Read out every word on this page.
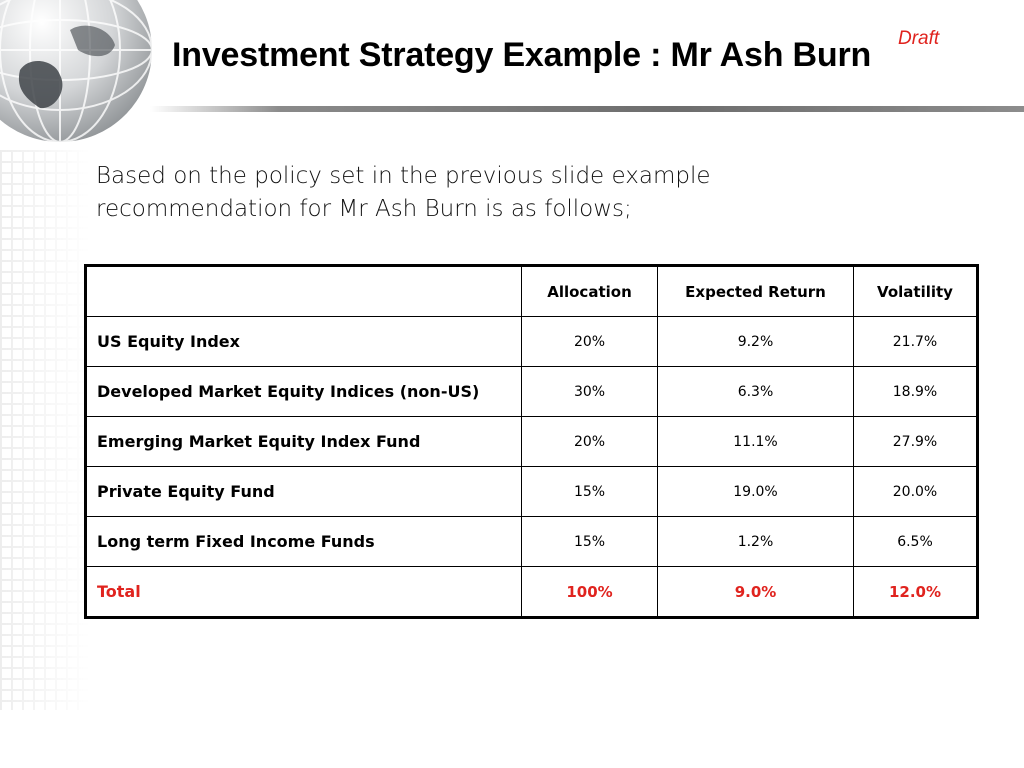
Investment Strategy Example : Mr Ash Burn Draft
Based on the policy set in the previous slide example recommendation for Mr Ash Burn is as follows;
	Allocation	Expected Return	Volatility
US Equity Index	20%	9.2%	21.7%
Developed Market Equity Indices (non-US)	30%	6.3%	18.9%
Emerging Market Equity Index Fund	20%	11.1%	27.9%
Private Equity Fund	15%	19.0%	20.0%
Long term Fixed Income Funds	15%	1.2%	6.5%
Total	100%	9.0%	12.0%
